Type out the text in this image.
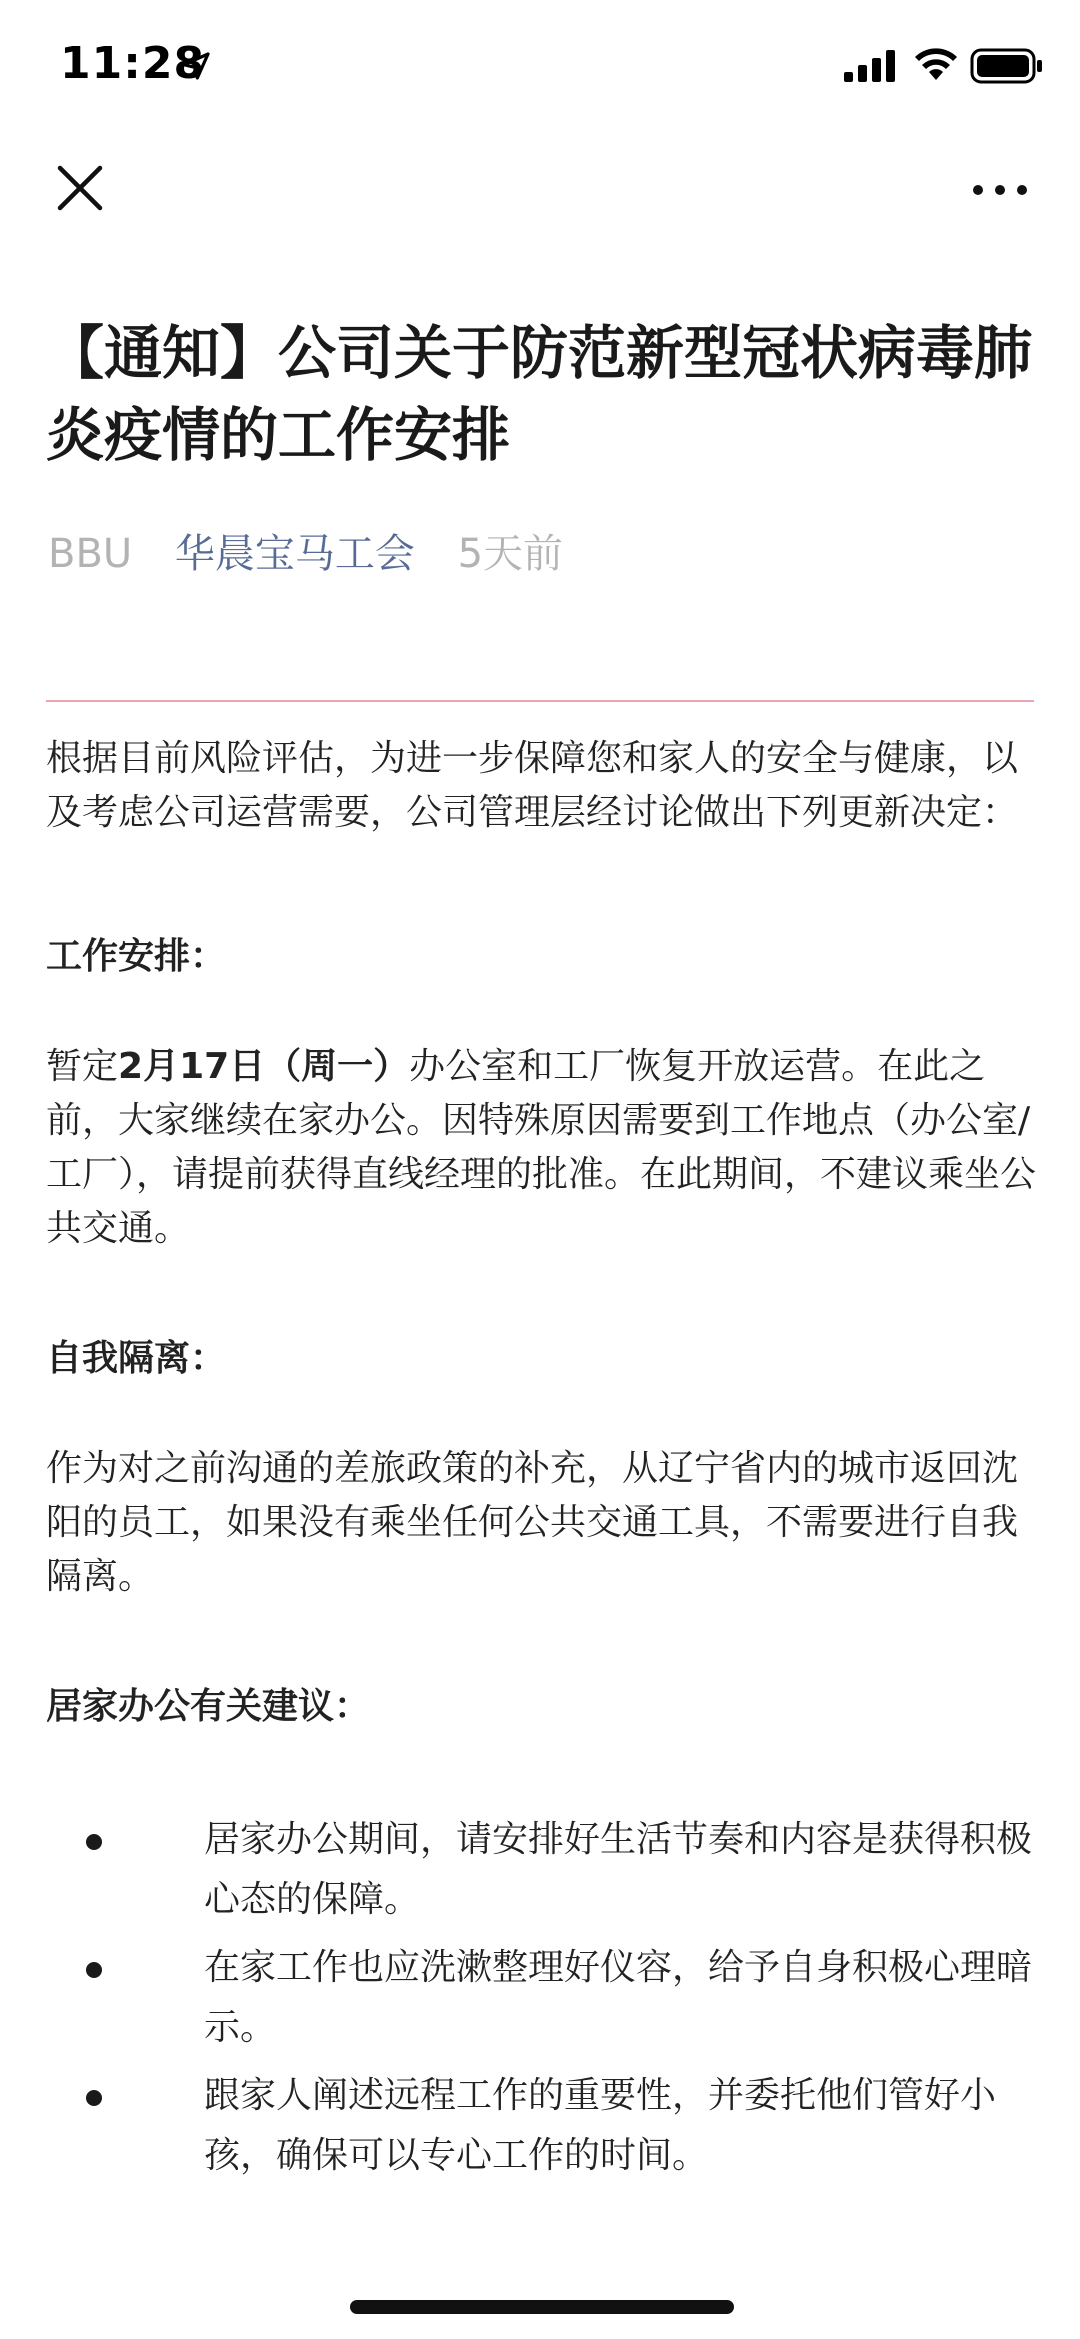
11:28
【通知】公司关于防范新型冠状病毒肺炎疫情的工作安排
BBU 华晨宝马工会 5天前

根据目前风险评估，为进一步保障您和家人的安全与健康，以及考虑公司运营需要，公司管理层经讨论做出下列更新决定：

工作安排：

暂定2月17日（周一）办公室和工厂恢复开放运营。在此之前，大家继续在家办公。因特殊原因需要到工作地点（办公室/工厂），请提前获得直线经理的批准。在此期间，不建议乘坐公共交通。

自我隔离：

作为对之前沟通的差旅政策的补充，从辽宁省内的城市返回沈阳的员工，如果没有乘坐任何公共交通工具，不需要进行自我隔离。

居家办公有关建议：

居家办公期间，请安排好生活节奏和内容是获得积极心态的保障。
在家工作也应洗漱整理好仪容，给予自身积极心理暗示。
跟家人阐述远程工作的重要性，并委托他们管好小孩，确保可以专心工作的时间。
